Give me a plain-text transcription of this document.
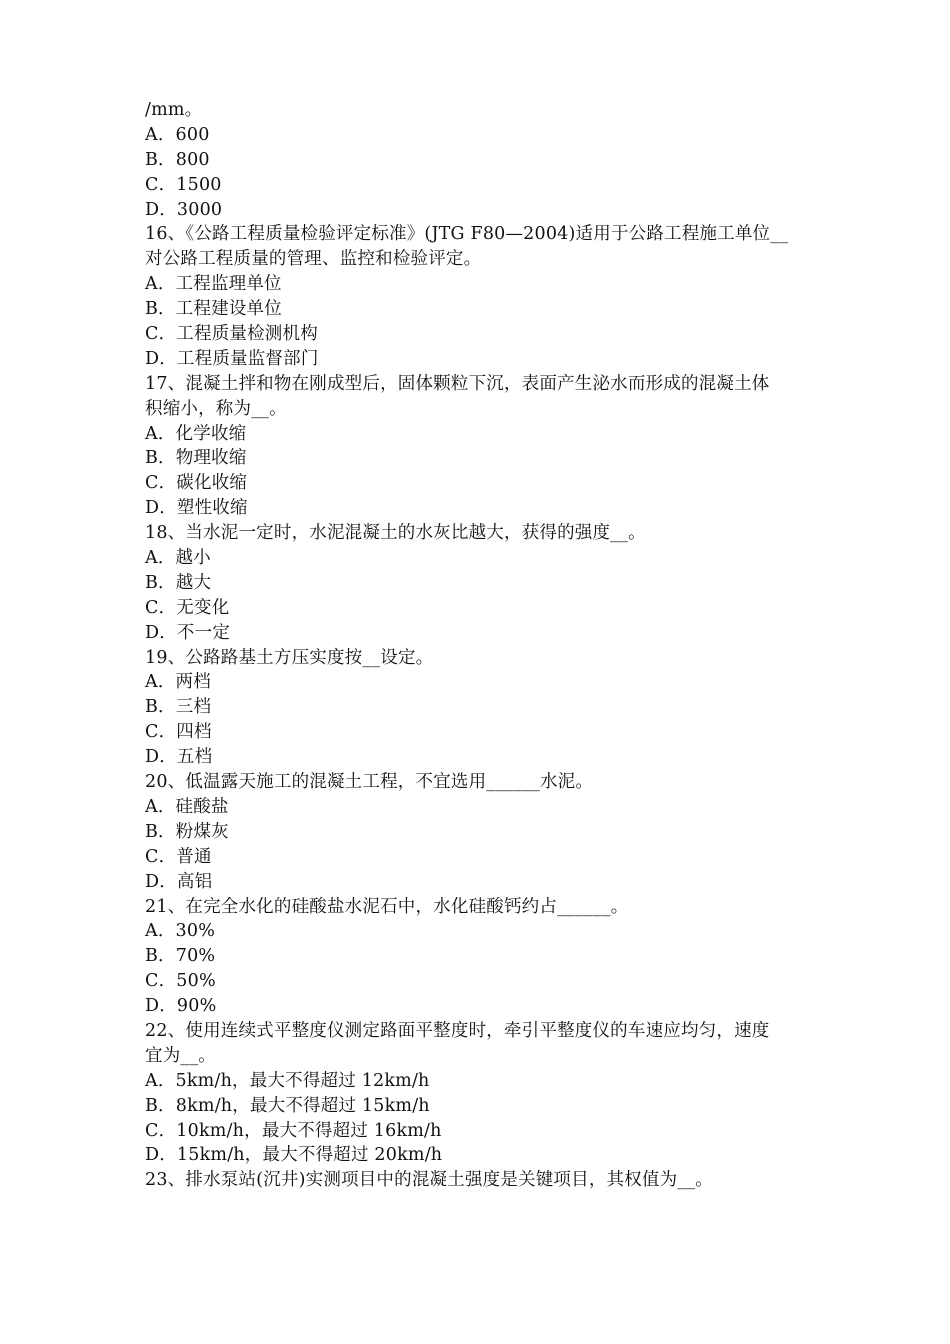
/mm。
A．600
B．800
C．1500
D．3000
16、《公路工程质量检验评定标准》(JTG F80—2004)适用于公路工程施工单位__
对公路工程质量的管理、监控和检验评定。
A．工程监理单位
B．工程建设单位
C．工程质量检测机构
D．工程质量监督部门
17、混凝土拌和物在刚成型后，固体颗粒下沉，表面产生泌水而形成的混凝土体
积缩小，称为__。
A．化学收缩
B．物理收缩
C．碳化收缩
D．塑性收缩
18、当水泥一定时，水泥混凝土的水灰比越大，获得的强度__。
A．越小
B．越大
C．无变化
D．不一定
19、公路路基土方压实度按__设定。
A．两档
B．三档
C．四档
D．五档
20、低温露天施工的混凝土工程，不宜选用______水泥。
A．硅酸盐
B．粉煤灰
C．普通
D．高铝
21、在完全水化的硅酸盐水泥石中，水化硅酸钙约占______。
A．30%
B．70%
C．50%
D．90%
22、使用连续式平整度仪测定路面平整度时，牵引平整度仪的车速应均匀，速度
宜为__。
A．5km/h，最大不得超过 12km/h
B．8km/h，最大不得超过 15km/h
C．10km/h，最大不得超过 16km/h
D．15km/h，最大不得超过 20km/h
23、排水泵站(沉井)实测项目中的混凝土强度是关键项目，其权值为__。
